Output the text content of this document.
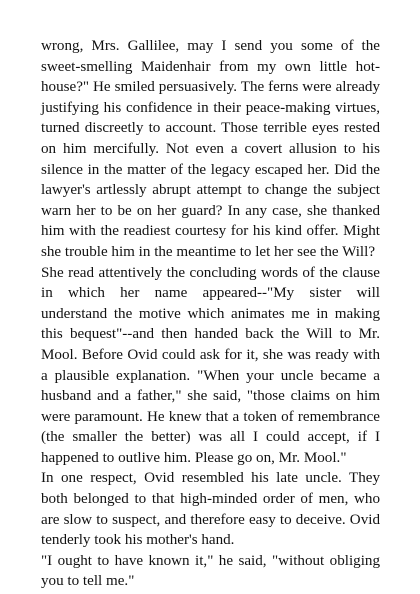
wrong, Mrs. Gallilee, may I send you some of the sweet-smelling Maidenhair from my own little hot-house?" He smiled persuasively. The ferns were already justifying his confidence in their peace-making virtues, turned discreetly to account. Those terrible eyes rested on him mercifully. Not even a covert allusion to his silence in the matter of the legacy escaped her. Did the lawyer's artlessly abrupt attempt to change the subject warn her to be on her guard? In any case, she thanked him with the readiest courtesy for his kind offer. Might she trouble him in the meantime to let her see the Will?

She read attentively the concluding words of the clause in which her name appeared--"My sister will understand the motive which animates me in making this bequest"--and then handed back the Will to Mr. Mool. Before Ovid could ask for it, she was ready with a plausible explanation. "When your uncle became a husband and a father," she said, "those claims on him were paramount. He knew that a token of remembrance (the smaller the better) was all I could accept, if I happened to outlive him. Please go on, Mr. Mool."

In one respect, Ovid resembled his late uncle. They both belonged to that high-minded order of men, who are slow to suspect, and therefore easy to deceive. Ovid tenderly took his mother's hand.

"I ought to have known it," he said, "without obliging you to tell me."
